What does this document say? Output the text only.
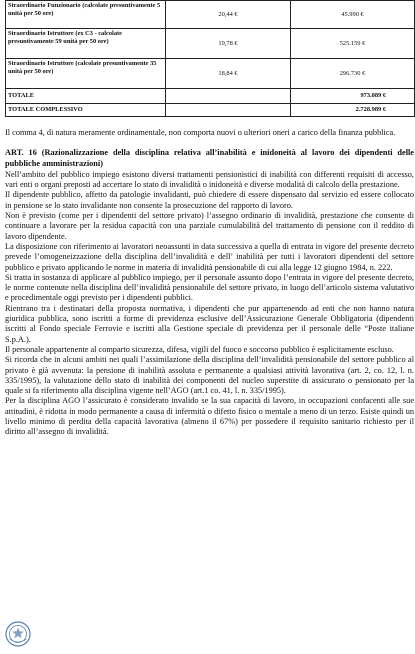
Straordinario Funzionario (calcolate presuntivamente 5 unità per 50 ore)	20,44 €	45.990 €
Straordinario Istruttore (ex C3 - calcolate presuntivamente 59 unità per 50 ore)	19,78 €	525.159 €
Straordinario Istruttore (calcolate presuntivamente 35 unità per 50 ore)	18,84 €	296.730 €
TOTALE		973.089 €
TOTALE COMPLESSIVO		2.728.989 €

Il comma 4, di natura meramente ordinamentale, non comporta nuovi o ulteriori oneri a carico della finanza pubblica.

ART. 16 (Razionalizzazione della disciplina relativa all’inabilità e inidoneità al lavoro dei dipendenti delle pubbliche amministrazioni)

Nell’ambito del pubblico impiego esistono diversi trattamenti pensionistici di inabilità con differenti requisiti di accesso, vari enti o organi preposti ad accertare lo stato di invalidità o inidoneità e diverse modalità di calcolo della prestazione.

Il dipendente pubblico, affetto da patologie invalidanti, può chiedere di essere dispensato dal servizio ed essere collocato in pensione se lo stato invalidante non consente la prosecuzione del rapporto di lavoro.

Non è previsto (come per i dipendenti del settore privato) l’assegno ordinario di invalidità, prestazione che consente di continuare a lavorare per la residua capacità con una parziale cumulabilità del trattamento di pensione con il reddito di lavoro dipendente.

La disposizione con riferimento ai lavoratori neoassunti in data successiva a quella di entrata in vigore del presente decreto prevede l’omogeneizzazione della disciplina dell’invalidità e dell’ inabilità per tutti i lavoratori dipendenti del settore pubblico e privato applicando le norme in materia di invalidità pensionabile di cui alla legge 12 giugno 1984, n. 222.

Si tratta in sostanza di applicare al pubblico impiego, per il personale assunto dopo l’entrata in vigore del presente decreto, le norme contenute nella disciplina dell’invalidità pensionabile del settore privato, in luogo dell’articolo sistema valutativo e procedimentale oggi previsto per i dipendenti pubblici.

Rientrano tra i destinatari della proposta normativa, i dipendenti che pur appartenendo ad enti che non hanno natura giuridica pubblica, sono iscritti a forme di previdenza esclusive dell’Assicurazione Generale Obbligatoria (dipendenti iscritti al Fondo speciale Ferrovie e iscritti alla Gestione speciale di previdenza per il personale delle “Poste italiane S.p.A.).

Il personale appartenente al comparto sicurezza, difesa, vigili del fuoco e soccorso pubblico è esplicitamente escluso.

Si ricorda che in alcuni ambiti nei quali l’assimilazione della disciplina dell’invalidità pensionabile del settore pubblico al privato è già avvenuta: la pensione di inabilità assoluta e permanente a qualsiasi attività lavorativa (art. 2, co. 12, l. n. 335/1995), la valutazione dello stato di inabilità dei componenti del nucleo superstite di assicurato o pensionato per la quale si fa riferimento alla disciplina vigente nell’AGO (art.1 co. 41, l. n. 335/1995).

Per la disciplina AGO l’assicurato è considerato invalido se la sua capacità di lavoro, in occupazioni confacenti alle sue attitudini, è ridotta in modo permanente a causa di infermità o difetto fisico o mentale a meno di un terzo. Esiste quindi un livello minimo di perdita della capacità lavorativa (almeno il 67%) per possedere il requisito sanitario richiesto per il diritto all’assegno di invalidità.
